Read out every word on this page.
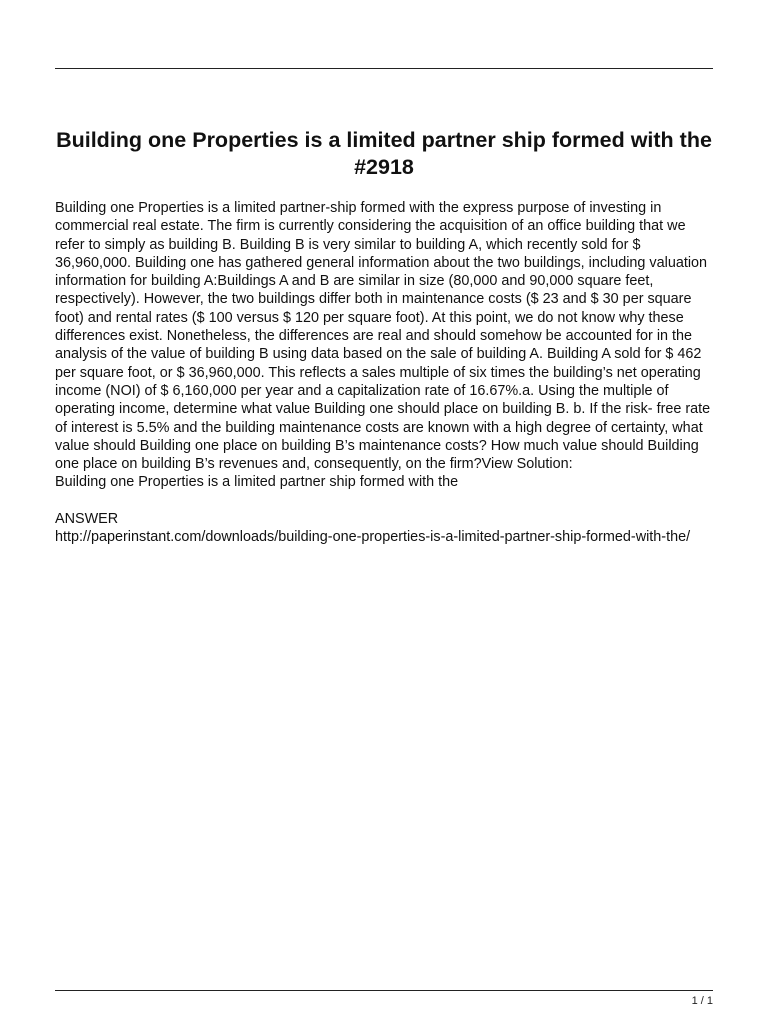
Building one Properties is a limited partner ship formed with the #2918

Building one Properties is a limited partner-ship formed with the express purpose of investing in commercial real estate. The firm is currently considering the acquisition of an office building that we refer to simply as building B. Building B is very similar to building A, which recently sold for $ 36,960,000. Building one has gathered general information about the two buildings, including valuation information for building A:Buildings A and B are similar in size (80,000 and 90,000 square feet, respectively). However, the two buildings differ both in maintenance costs ($ 23 and $ 30 per square foot) and rental rates ($ 100 versus $ 120 per square foot). At this point, we do not know why these differences exist. Nonetheless, the differences are real and should somehow be accounted for in the analysis of the value of building B using data based on the sale of building A. Building A sold for $ 462 per square foot, or $ 36,960,000. This reflects a sales multiple of six times the building’s net operating income (NOI) of $ 6,160,000 per year and a capitalization rate of 16.67%.a. Using the multiple of operating income, determine what value Building one should place on building B. b. If the risk- free rate of interest is 5.5% and the building maintenance costs are known with a high degree of certainty, what value should Building one place on building B’s maintenance costs? How much value should Building one place on building B’s revenues and, consequently, on the firm?View Solution:

Building one Properties is a limited partner ship formed with the

ANSWER

http://paperinstant.com/downloads/building-one-properties-is-a-limited-partner-ship-formed-with-the/

1 / 1
